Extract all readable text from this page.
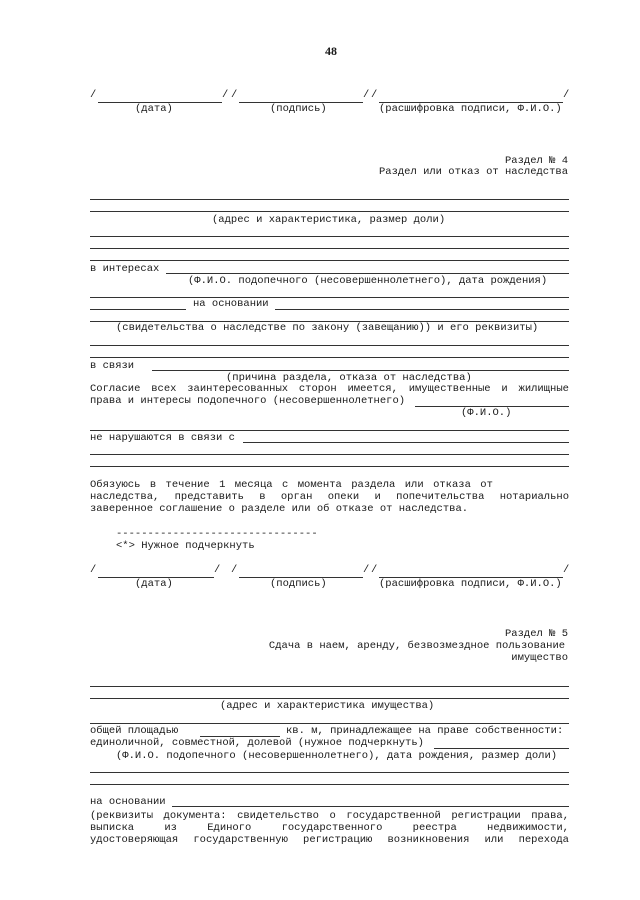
48
/	/ /	/ /	/
(дата)	(подпись)	(расшифровка подписи, Ф.И.О.)
Раздел № 4
Раздел или отказ от наследства
(адрес и характеристика, размер доли)
в интересах
(Ф.И.О. подопечного (несовершеннолетнего), дата рождения)
на основании
(свидетельства о наследстве по закону (завещанию)) и его реквизиты)
в связи
(причина раздела, отказа от наследства)
Согласие всех заинтересованных сторон имеется, имущественные и жилищные
права и интересы подопечного (несовершеннолетнего)
(Ф.И.О.)
не нарушаются в связи с
Обязуюсь в течение 1 месяца с момента раздела или отказа от
наследства, представить в орган опеки и попечительства нотариально
заверенное соглашение о разделе или об отказе от наследства.
--------------------------------
<*> Нужное подчеркнуть
/	/ /	/ /	/
(дата)	(подпись)	(расшифровка подписи, Ф.И.О.)
Раздел № 5
Сдача в наем, аренду, безвозмездное пользование
имущество
(адрес и характеристика имущества)
общей площадью	кв. м, принадлежащее на праве собственности:
единоличной, совместной, долевой (нужное подчеркнуть)
(Ф.И.О. подопечного (несовершеннолетнего), дата рождения, размер доли)
на основании
(реквизиты документа: свидетельство о государственной регистрации права,
выписка	из	Единого	государственного	реестра	недвижимости,
удостоверяющая государственную регистрацию возникновения или перехода
